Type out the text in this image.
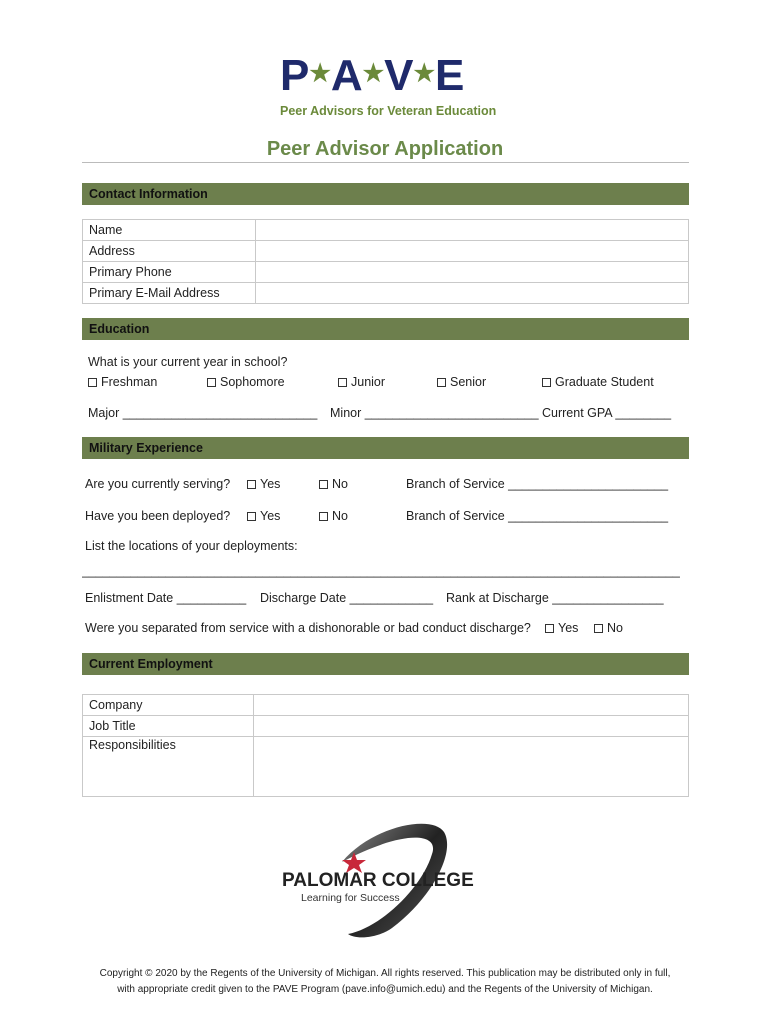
P★A★V★E
Peer Advisors for Veteran Education
Peer Advisor Application
Contact Information
Name	
Address	
Primary Phone	
Primary E-Mail Address	
Education
What is your current year in school?
Freshman	Sophomore	Junior	Senior	Graduate Student
Major ____________________________ Minor _________________________ Current GPA ________
Military Experience
Are you currently serving?	Yes	No	Branch of Service _______________________
Have you been deployed?	Yes	No	Branch of Service _______________________
List the locations of your deployments:
______________________________________________________________________________________
Enlistment Date __________ Discharge Date ____________ Rank at Discharge ________________
Were you separated from service with a dishonorable or bad conduct discharge?	Yes	No
Current Employment
Company	
Job Title	
Responsibilities	
PALOMAR COLLEGE
Learning for Success
Copyright © 2020 by the Regents of the University of Michigan. All rights reserved. This publication may be distributed only in full,
with appropriate credit given to the PAVE Program (pave.info@umich.edu) and the Regents of the University of Michigan.
